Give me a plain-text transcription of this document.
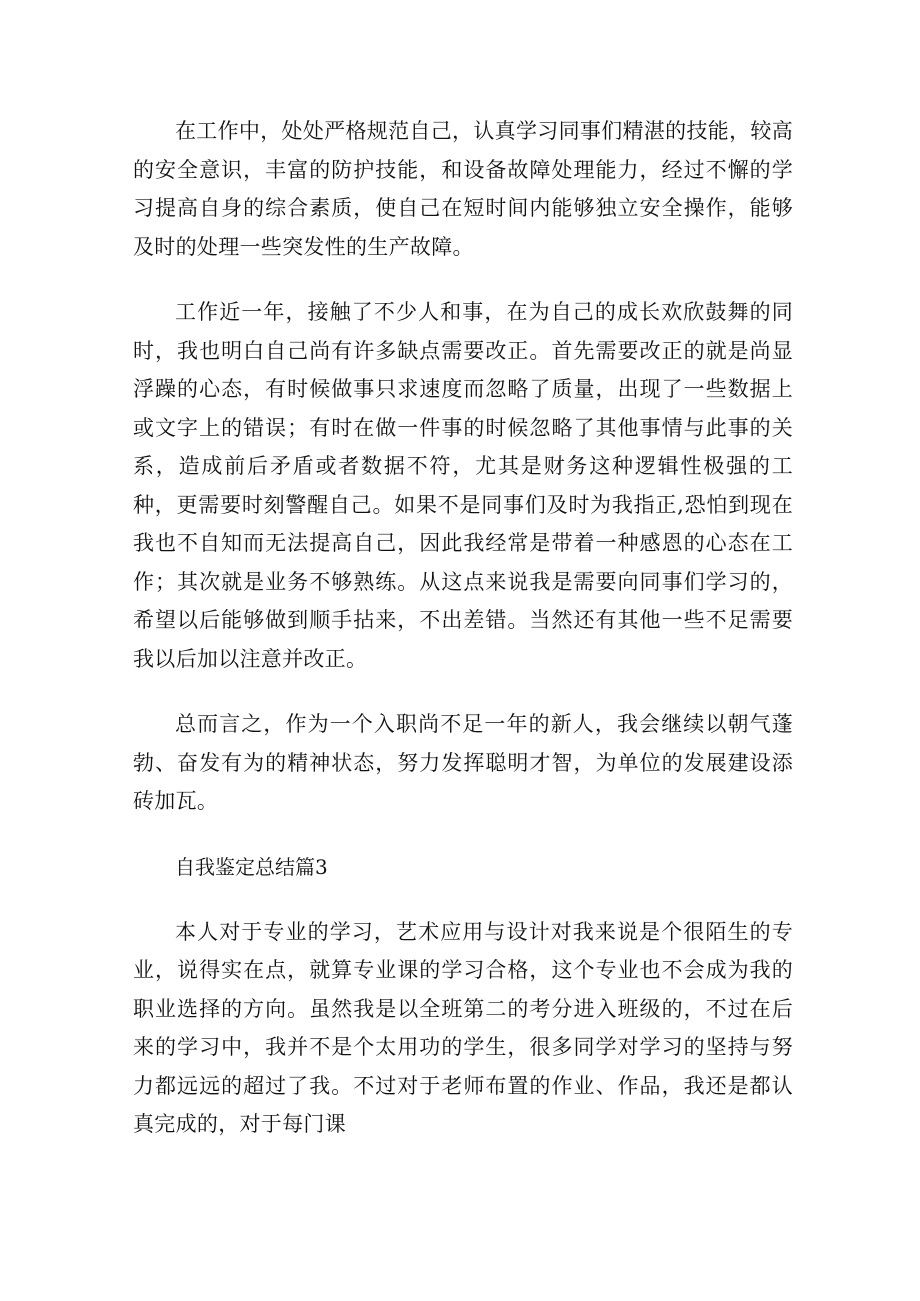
在工作中，处处严格规范自己，认真学习同事们精湛的技能，较高的安全意识，丰富的防护技能，和设备故障处理能力，经过不懈的学习提高自身的综合素质，使自己在短时间内能够独立安全操作，能够及时的处理一些突发性的生产故障。

工作近一年，接触了不少人和事，在为自己的成长欢欣鼓舞的同时，我也明白自己尚有许多缺点需要改正。首先需要改正的就是尚显浮躁的心态，有时候做事只求速度而忽略了质量，出现了一些数据上或文字上的错误；有时在做一件事的时候忽略了其他事情与此事的关系，造成前后矛盾或者数据不符，尤其是财务这种逻辑性极强的工种，更需要时刻警醒自己。如果不是同事们及时为我指正,恐怕到现在我也不自知而无法提高自己，因此我经常是带着一种感恩的心态在工作；其次就是业务不够熟练。从这点来说我是需要向同事们学习的，希望以后能够做到顺手拈来，不出差错。当然还有其他一些不足需要我以后加以注意并改正。

总而言之，作为一个入职尚不足一年的新人，我会继续以朝气蓬勃、奋发有为的精神状态，努力发挥聪明才智，为单位的发展建设添砖加瓦。

自我鉴定总结篇3

本人对于专业的学习，艺术应用与设计对我来说是个很陌生的专业，说得实在点，就算专业课的学习合格，这个专业也不会成为我的职业选择的方向。虽然我是以全班第二的考分进入班级的，不过在后来的学习中，我并不是个太用功的学生，很多同学对学习的坚持与努力都远远的超过了我。不过对于老师布置的作业、作品，我还是都认真完成的，对于每门课
